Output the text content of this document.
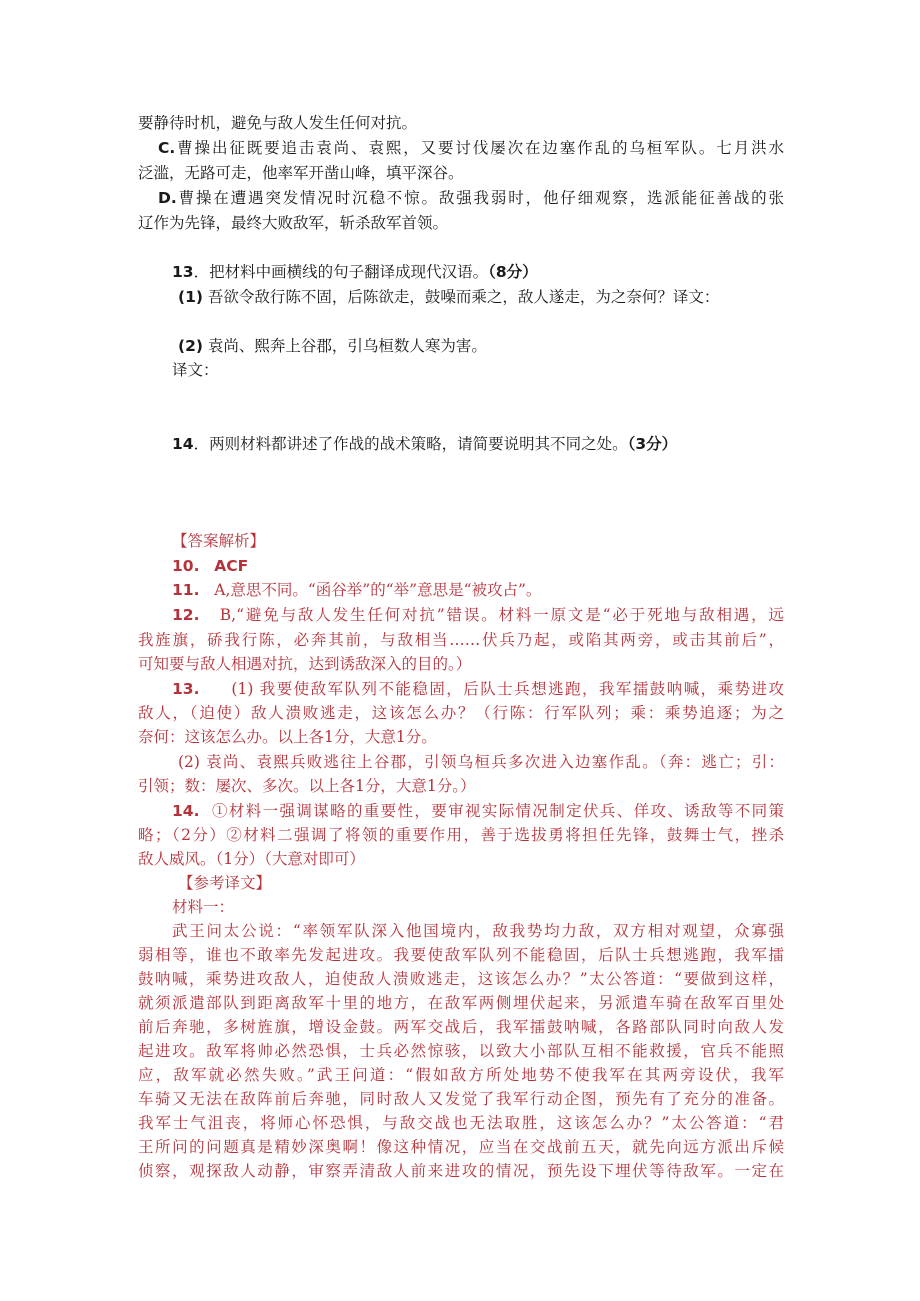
要静待时机，避免与敌人发生任何对抗。
C.曹操出征既要追击袁尚、袁熙，又要讨伐屡次在边塞作乱的乌桓军队。七月洪水
泛滥，无路可走，他率军开凿山峰，填平深谷。
D.曹操在遭遇突发情况时沉稳不惊。敌强我弱时，他仔细观察，选派能征善战的张
辽作为先锋，最终大败敌军，斩杀敌军首领。
13．把材料中画横线的句子翻译成现代汉语。（8分）
(1) 吾欲令敌行陈不固，后陈欲走，鼓噪而乘之，敌人遂走，为之奈何？译文：
(2) 袁尚、熙奔上谷郡，引乌桓数人寒为害。
译文：
14．两则材料都讲述了作战的战术策略，请简要说明其不同之处。（3分）
【答案解析】
10. ACF
11. A,意思不同。“函谷举”的“举”意思是“被攻占”。
12. B,“避免与敌人发生任何对抗”错误。材料一原文是“必于死地与敌相遇，远
我旌旗，硚我行陈，必奔其前，与敌相当……伏兵乃起，或陷其两旁，或击其前后”，
可知要与敌人相遇对抗，达到诱敌深入的目的。）
13. (1) 我要使敌军队列不能稳固，后队士兵想逃跑，我军擂鼓呐喊，乘势进攻
敌人，（迫使）敌人溃败逃走，这该怎么办？（行陈：行军队列；乘：乘势追逐；为之
奈何：这该怎么办。以上各1分，大意1分。
(2) 袁尚、袁熙兵败逃往上谷郡，引领乌桓兵多次进入边塞作乱。（奔：逃亡；引：
引领；数：屡次、多次。以上各1分，大意1分。）
14. ①材料一强调谋略的重要性，要审视实际情况制定伏兵、佯攻、诱敌等不同策
略；（2分）②材料二强调了将领的重要作用，善于选拔勇将担任先锋，鼓舞士气，挫杀
敌人威风。（1分）（大意对即可）
【参考译文】
材料一：
武王问太公说：“率领军队深入他国境内，敌我势均力敌，双方相对观望，众寡强
弱相等，谁也不敢率先发起进攻。我要使敌军队列不能稳固，后队士兵想逃跑，我军擂
鼓呐喊，乘势进攻敌人，迫使敌人溃败逃走，这该怎么办？”太公答道：“要做到这样，
就须派遣部队到距离敌军十里的地方，在敌军两侧埋伏起来，另派遣车骑在敌军百里处
前后奔驰，多树旌旗，增设金鼓。两军交战后，我军擂鼓呐喊，各路部队同时向敌人发
起进攻。敌军将帅必然恐惧，士兵必然惊骇，以致大小部队互相不能救援，官兵不能照
应，敌军就必然失败。”武王问道：“假如敌方所处地势不使我军在其两旁设伏，我军
车骑又无法在敌阵前后奔驰，同时敌人又发觉了我军行动企图，预先有了充分的准备。
我军士气沮丧，将师心怀恐惧，与敌交战也无法取胜，这该怎么办？”太公答道：“君
王所问的问题真是精妙深奥啊！像这种情况，应当在交战前五天，就先向远方派出斥候
侦察，观探敌人动静，审察弄清敌人前来进攻的情况，预先设下埋伏等待敌军。一定在
